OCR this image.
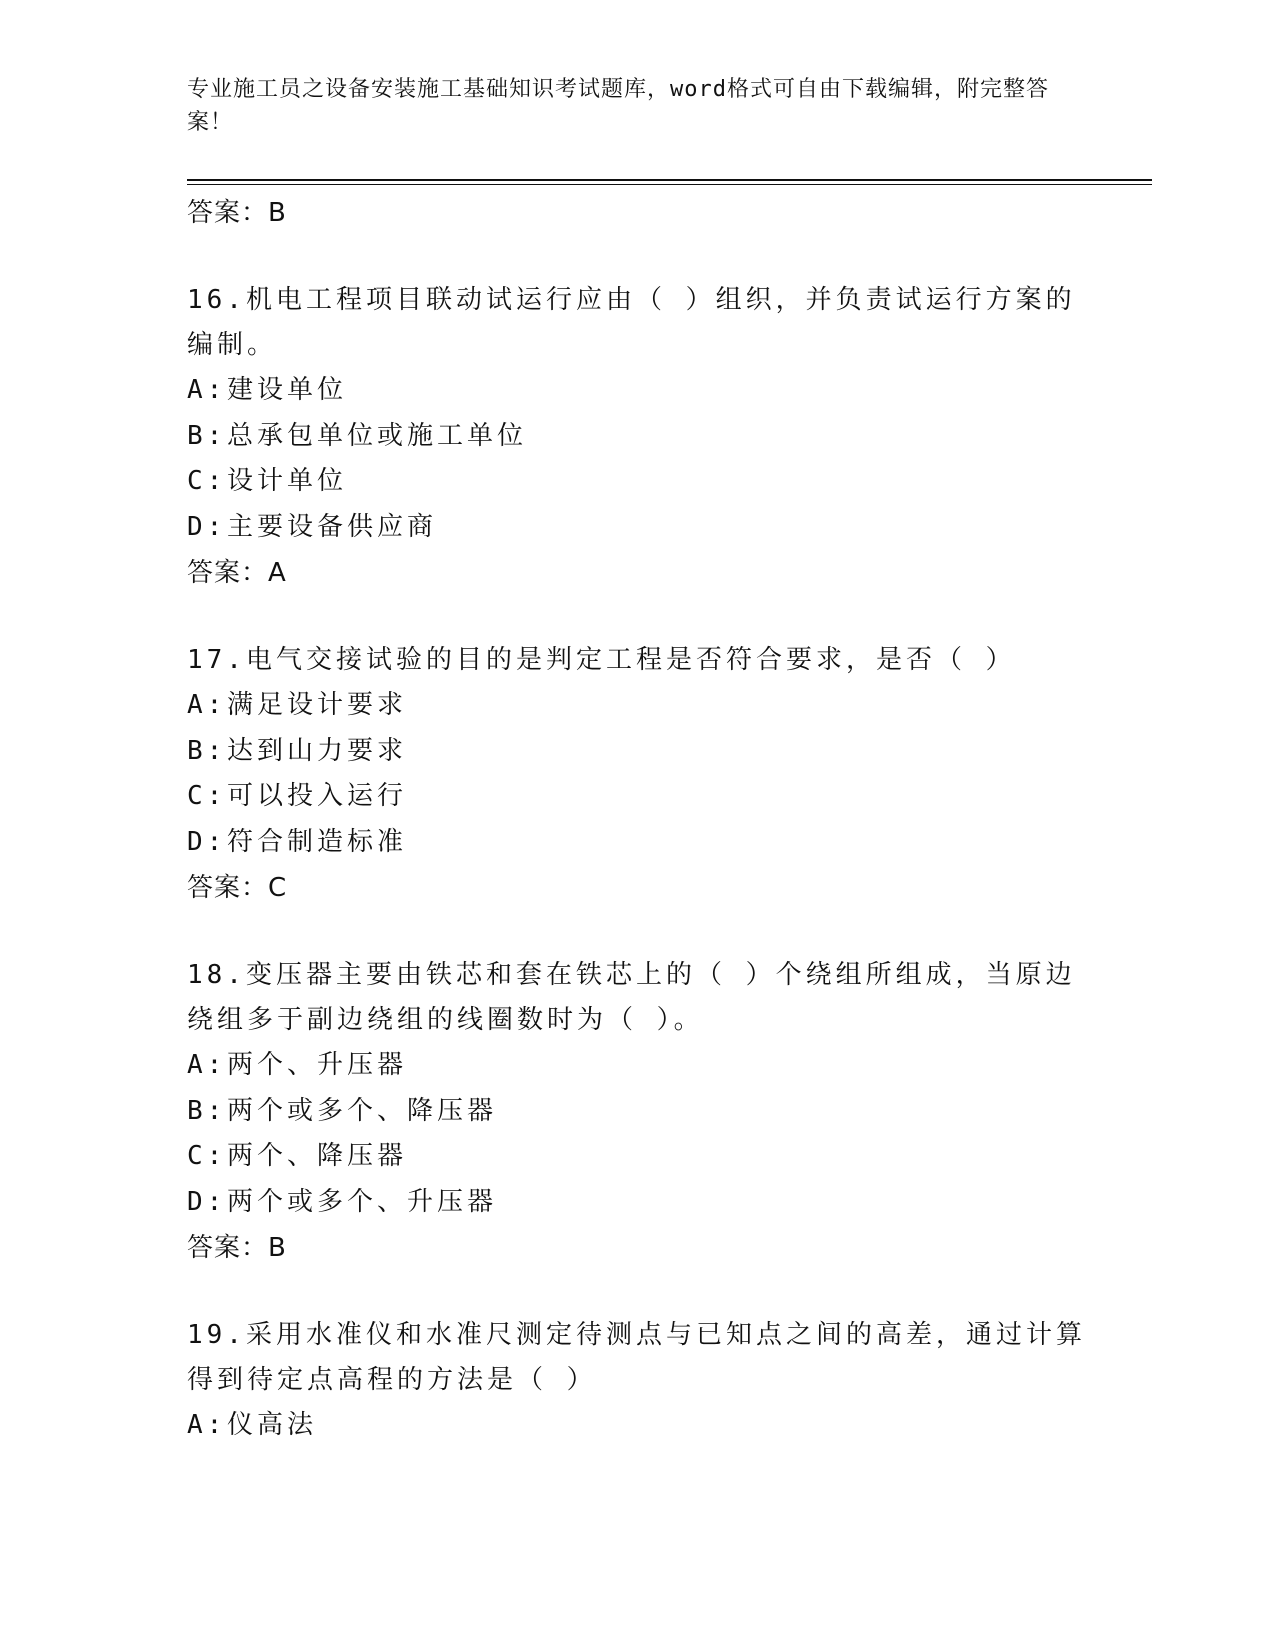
专业施工员之设备安装施工基础知识考试题库，word格式可自由下载编辑，附完整答案！
答案：B
16.机电工程项目联动试运行应由（ ）组织，并负责试运行方案的编制。
A:建设单位
B:总承包单位或施工单位
C:设计单位
D:主要设备供应商
答案：A
17.电气交接试验的目的是判定工程是否符合要求，是否（ ）
A:满足设计要求
B:达到山力要求
C:可以投入运行
D:符合制造标准
答案：C
18.变压器主要由铁芯和套在铁芯上的（ ）个绕组所组成，当原边绕组多于副边绕组的线圈数时为（ ）。
A:两个、升压器
B:两个或多个、降压器
C:两个、降压器
D:两个或多个、升压器
答案：B
19.采用水准仪和水准尺测定待测点与已知点之间的高差，通过计算得到待定点高程的方法是（ ）
A:仪高法
